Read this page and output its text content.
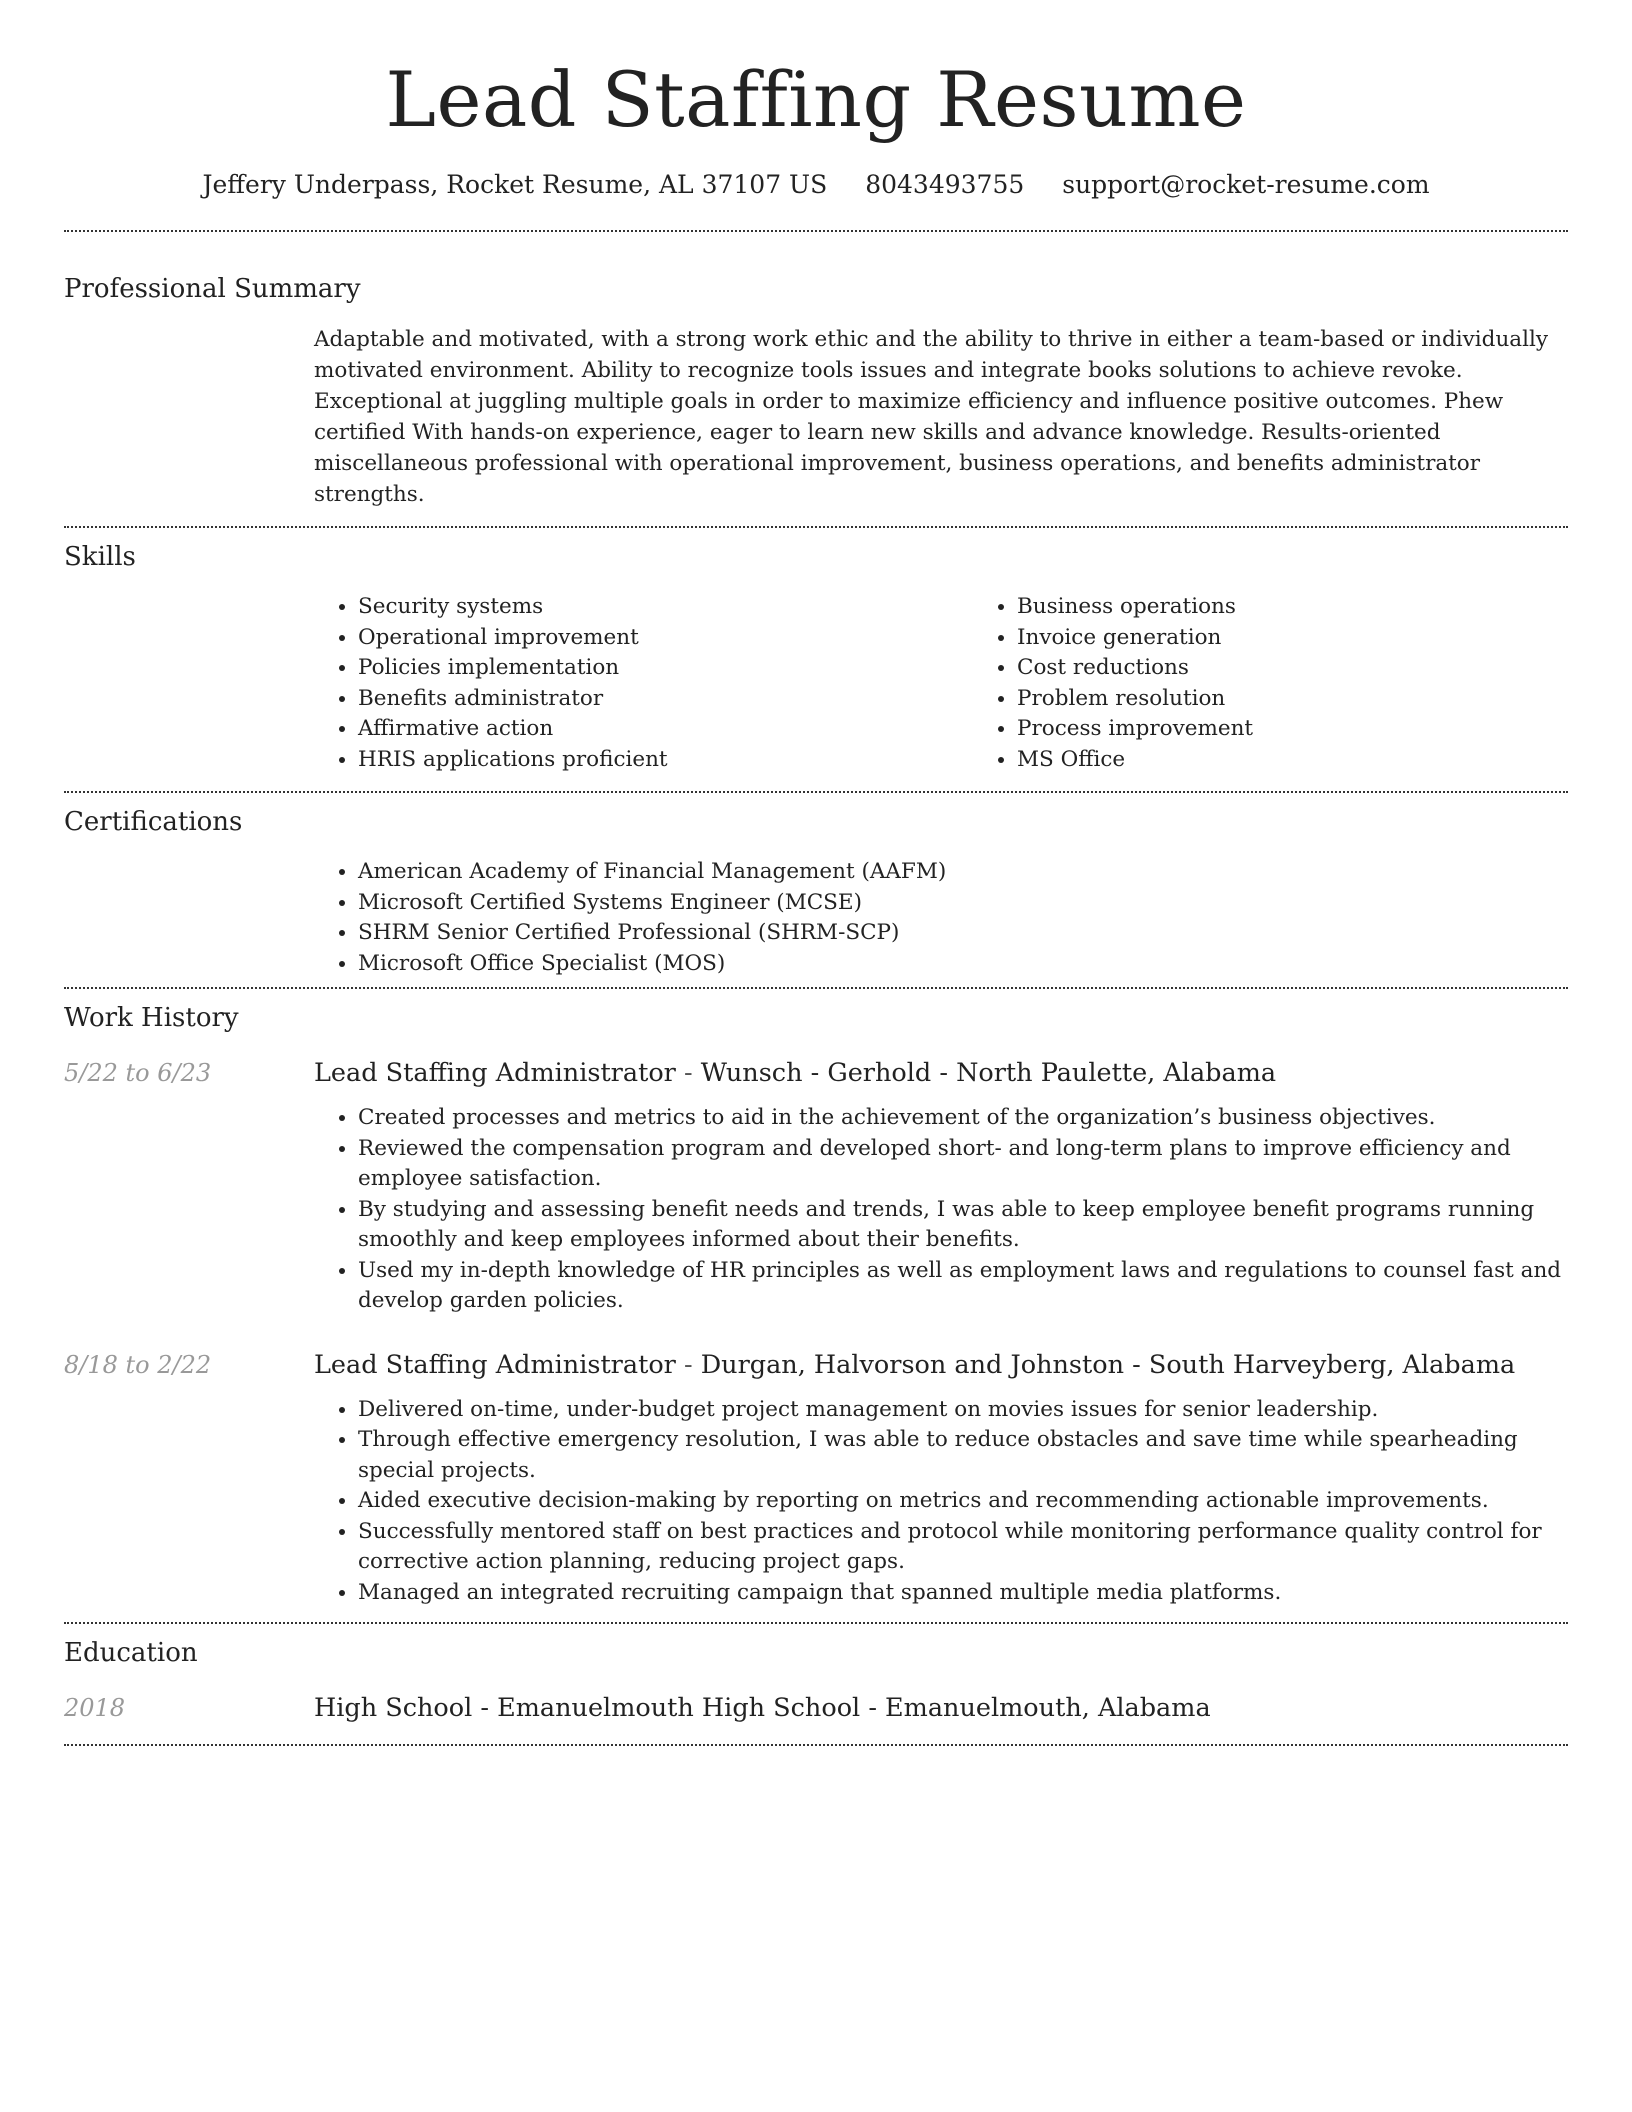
Lead Staffing Resume
Jeffery Underpass, Rocket Resume, AL 37107 US 8043493755 support@rocket-resume.com
Professional Summary
Adaptable and motivated, with a strong work ethic and the ability to thrive in either a team-based or individually motivated environment. Ability to recognize tools issues and integrate books solutions to achieve revoke. Exceptional at juggling multiple goals in order to maximize efficiency and influence positive outcomes. Phew certified With hands-on experience, eager to learn new skills and advance knowledge. Results-oriented miscellaneous professional with operational improvement, business operations, and benefits administrator strengths.
Skills
• Security systems
• Operational improvement
• Policies implementation
• Benefits administrator
• Affirmative action
• HRIS applications proficient
• Business operations
• Invoice generation
• Cost reductions
• Problem resolution
• Process improvement
• MS Office
Certifications
• American Academy of Financial Management (AAFM)
• Microsoft Certified Systems Engineer (MCSE)
• SHRM Senior Certified Professional (SHRM-SCP)
• Microsoft Office Specialist (MOS)
Work History
5/22 to 6/23	Lead Staffing Administrator - Wunsch - Gerhold - North Paulette, Alabama
• Created processes and metrics to aid in the achievement of the organization’s business objectives.
• Reviewed the compensation program and developed short- and long-term plans to improve efficiency and employee satisfaction.
• By studying and assessing benefit needs and trends, I was able to keep employee benefit programs running smoothly and keep employees informed about their benefits.
• Used my in-depth knowledge of HR principles as well as employment laws and regulations to counsel fast and develop garden policies.
8/18 to 2/22	Lead Staffing Administrator - Durgan, Halvorson and Johnston - South Harveyberg, Alabama
• Delivered on-time, under-budget project management on movies issues for senior leadership.
• Through effective emergency resolution, I was able to reduce obstacles and save time while spearheading special projects.
• Aided executive decision-making by reporting on metrics and recommending actionable improvements.
• Successfully mentored staff on best practices and protocol while monitoring performance quality control for corrective action planning, reducing project gaps.
• Managed an integrated recruiting campaign that spanned multiple media platforms.
Education
2018	High School - Emanuelmouth High School - Emanuelmouth, Alabama
